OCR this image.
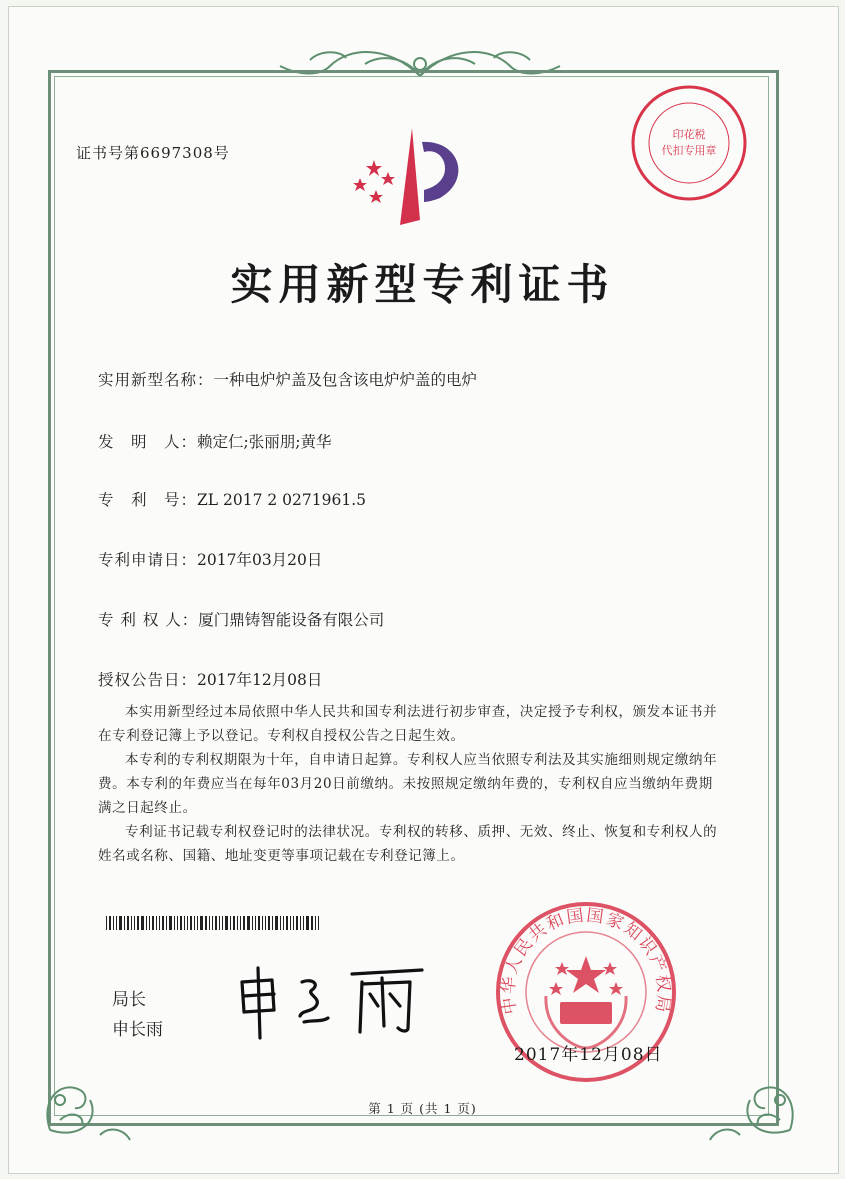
证书号第6697308号
印花税
代扣专用章
实用新型专利证书
实用新型名称：一种电炉炉盖及包含该电炉炉盖的电炉
发　明　人：赖定仁;张丽朋;黄华
专　利　号：ZL 2017 2 0271961.5
专利申请日：2017年03月20日
专 利 权 人：厦门鼎铸智能设备有限公司
授权公告日：2017年12月08日

本实用新型经过本局依照中华人民共和国专利法进行初步审查，决定授予专利权，颁发本证书并在专利登记簿上予以登记。专利权自授权公告之日起生效。

本专利的专利权期限为十年，自申请日起算。专利权人应当依照专利法及其实施细则规定缴纳年费。本专利的年费应当在每年03月20日前缴纳。未按照规定缴纳年费的，专利权自应当缴纳年费期满之日起终止。

专利证书记载专利权登记时的法律状况。专利权的转移、质押、无效、终止、恢复和专利权人的姓名或名称、国籍、地址变更等事项记载在专利登记簿上。

局长
申长雨
中华人民共和国国家知识产权局
2017年12月08日
第 1 页 (共 1 页)
